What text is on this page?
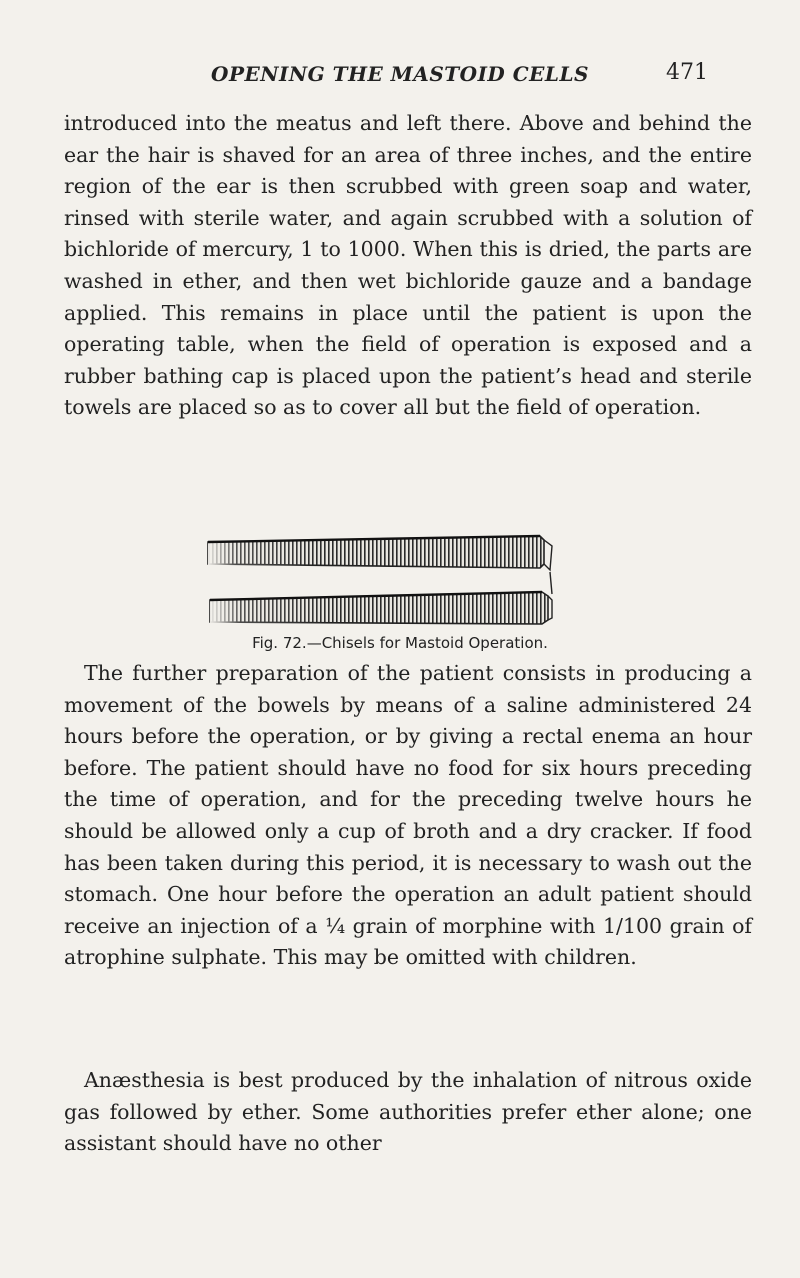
OPENING THE MASTOID CELLS	471

introduced into the meatus and left there. Above and behind the ear the hair is shaved for an area of three inches, and the entire region of the ear is then scrubbed with green soap and water, rinsed with sterile water, and again scrubbed with a solution of bichloride of mercury, 1 to 1000. When this is dried, the parts are washed in ether, and then wet bichloride gauze and a bandage applied. This remains in place until the patient is upon the operating table, when the field of operation is exposed and a rubber bathing cap is placed upon the patient’s head and sterile towels are placed so as to cover all but the field of operation.

Fig. 72.—Chisels for Mastoid Operation.

The further preparation of the patient consists in producing a movement of the bowels by means of a saline administered 24 hours before the operation, or by giving a rectal enema an hour before. The patient should have no food for six hours preceding the time of operation, and for the preceding twelve hours he should be allowed only a cup of broth and a dry cracker. If food has been taken during this period, it is necessary to wash out the stomach. One hour before the operation an adult patient should receive an injection of a ¼ grain of morphine with 1/100 grain of atrophine sulphate. This may be omitted with children.

Anæsthesia is best produced by the inhalation of nitrous oxide gas followed by ether. Some authorities prefer ether alone; one assistant should have no other
